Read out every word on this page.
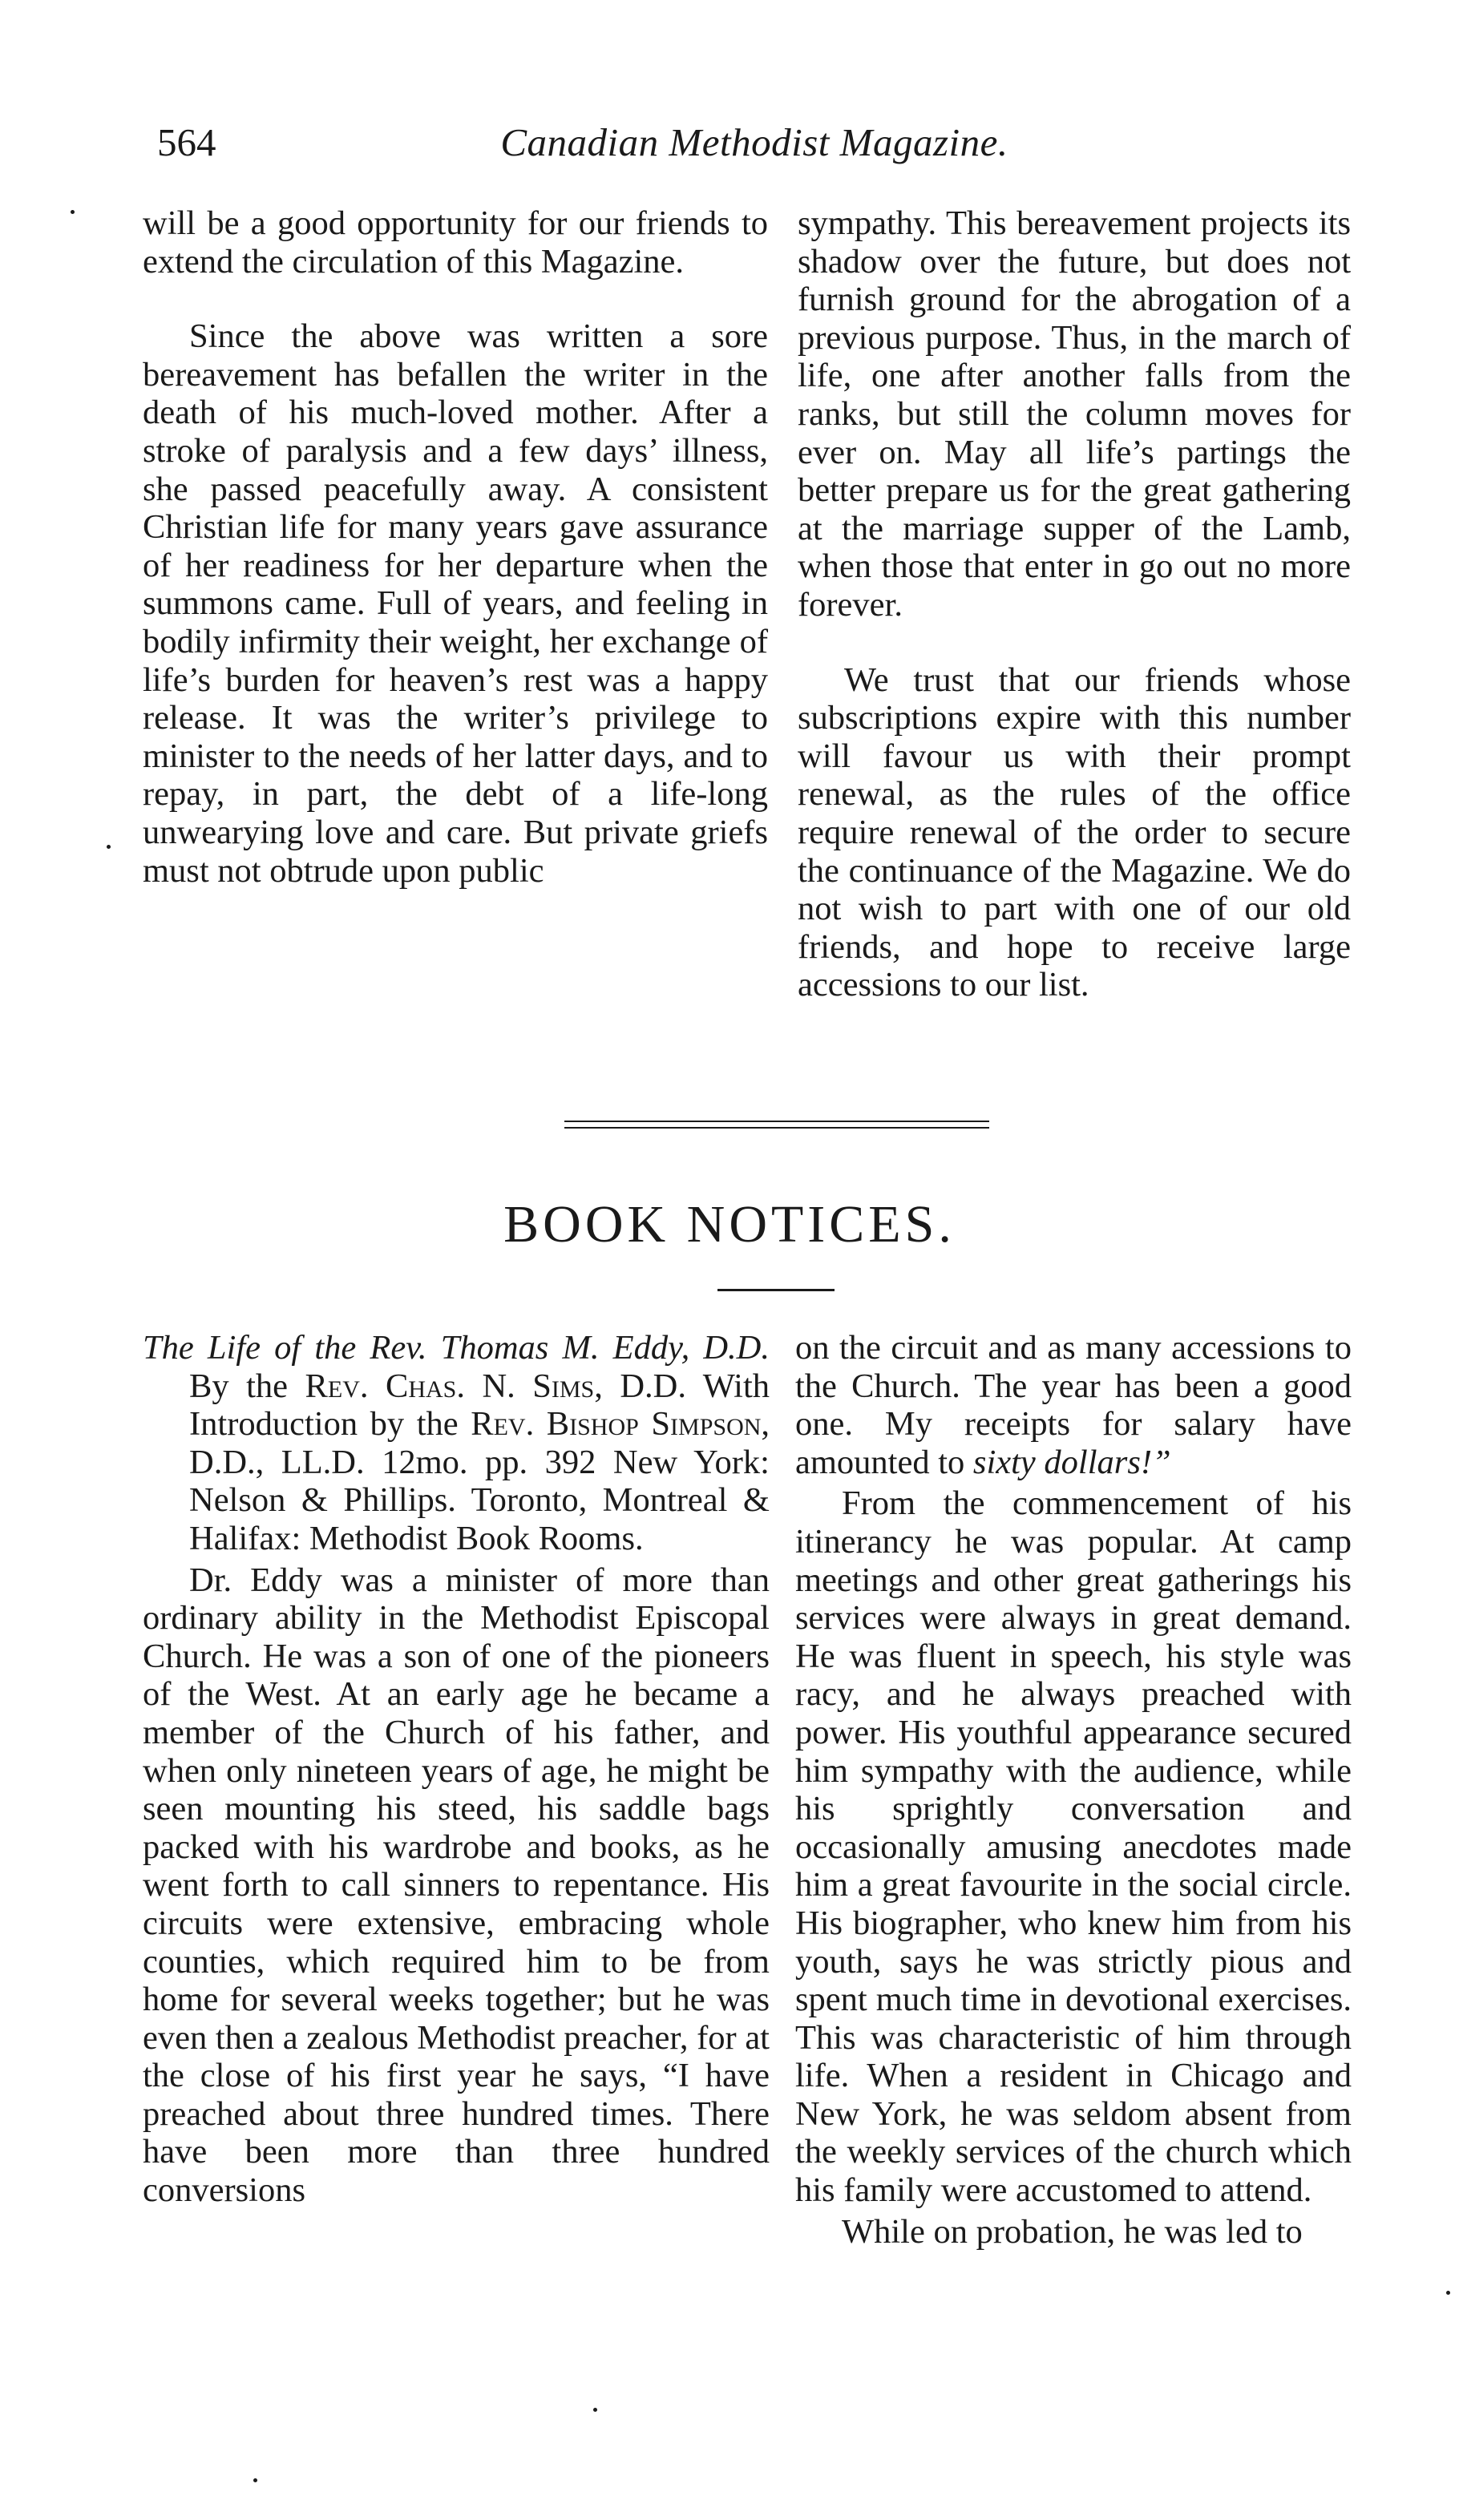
564	Canadian Methodist Magazine.

will be a good opportunity for our friends to extend the circulation of this Magazine.

Since the above was written a sore bereavement has befallen the writer in the death of his much-loved mother. After a stroke of paralysis and a few days’ illness, she passed peacefully away. A consistent Christian life for many years gave assurance of her readiness for her departure when the summons came. Full of years, and feeling in bodily infirmity their weight, her exchange of life’s burden for heaven’s rest was a happy release. It was the writer’s privilege to minister to the needs of her latter days, and to repay, in part, the debt of a life-long unwearying love and care. But private griefs must not obtrude upon public

sympathy. This bereavement projects its shadow over the future, but does not furnish ground for the abrogation of a previous purpose. Thus, in the march of life, one after another falls from the ranks, but still the column moves for ever on. May all life’s partings the better prepare us for the great gathering at the marriage supper of the Lamb, when those that enter in go out no more forever.

We trust that our friends whose subscriptions expire with this number will favour us with their prompt renewal, as the rules of the office require renewal of the order to secure the continuance of the Magazine. We do not wish to part with one of our old friends, and hope to receive large accessions to our list.

BOOK NOTICES.

The Life of the Rev. Thomas M. Eddy, D.D. By the Rev. Chas. N. Sims, D.D. With Introduction by the Rev. Bishop Simpson, D.D., LL.D. 12mo. pp. 392 New York: Nelson & Phillips. Toronto, Montreal & Halifax: Methodist Book Rooms.

Dr. Eddy was a minister of more than ordinary ability in the Methodist Episcopal Church. He was a son of one of the pioneers of the West. At an early age he became a member of the Church of his father, and when only nineteen years of age, he might be seen mounting his steed, his saddle bags packed with his wardrobe and books, as he went forth to call sinners to repentance. His circuits were extensive, embracing whole counties, which required him to be from home for several weeks together; but he was even then a zealous Methodist preacher, for at the close of his first year he says, “I have preached about three hundred times. There have been more than three hundred conversions

on the circuit and as many accessions to the Church. The year has been a good one. My receipts for salary have amounted to sixty dollars!”

From the commencement of his itinerancy he was popular. At camp meetings and other great gatherings his services were always in great demand. He was fluent in speech, his style was racy, and he always preached with power. His youthful appearance secured him sympathy with the audience, while his sprightly conversation and occasionally amusing anecdotes made him a great favourite in the social circle. His biographer, who knew him from his youth, says he was strictly pious and spent much time in devotional exercises. This was characteristic of him through life. When a resident in Chicago and New York, he was seldom absent from the weekly services of the church which his family were accustomed to attend.

While on probation, he was led to
